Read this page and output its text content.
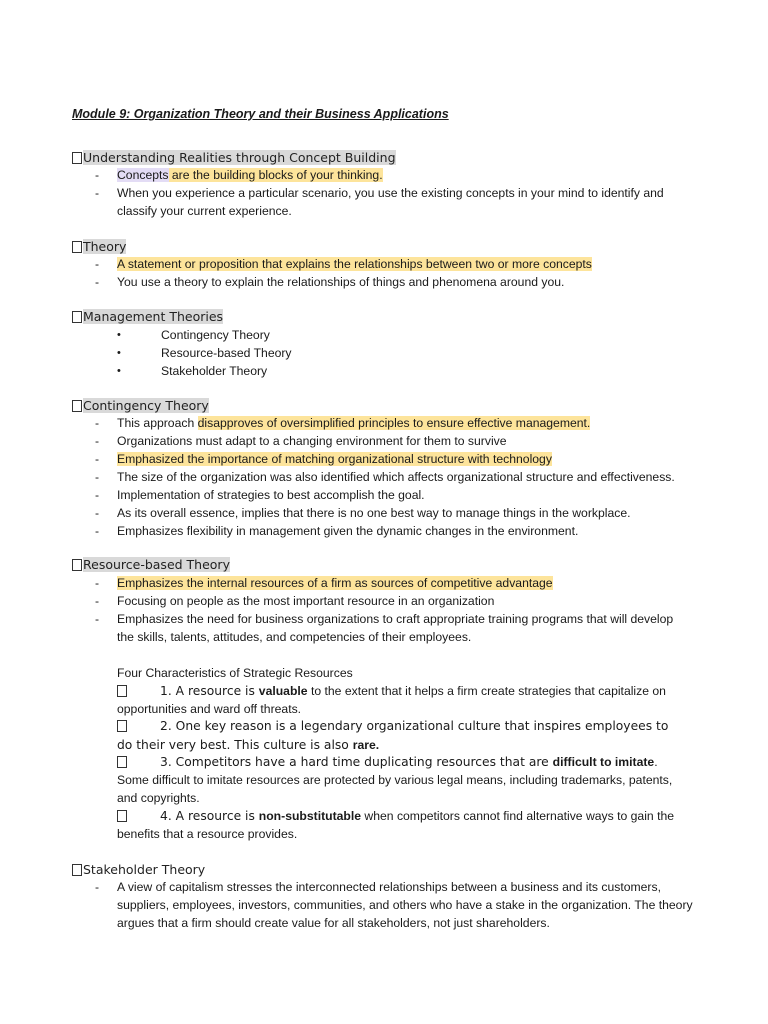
Module 9: Organization Theory and their Business Applications
Understanding Realities through Concept Building
- Concepts are the building blocks of your thinking.
- When you experience a particular scenario, you use the existing concepts in your mind to identify and
classify your current experience.
Theory
- A statement or proposition that explains the relationships between two or more concepts
- You use a theory to explain the relationships of things and phenomena around you.
Management Theories
•	Contingency Theory
•	Resource-based Theory
•	Stakeholder Theory
Contingency Theory
- This approach disapproves of oversimplified principles to ensure effective management.
- Organizations must adapt to a changing environment for them to survive
- Emphasized the importance of matching organizational structure with technology
- The size of the organization was also identified which affects organizational structure and effectiveness.
- Implementation of strategies to best accomplish the goal.
- As its overall essence, implies that there is no one best way to manage things in the workplace.
- Emphasizes flexibility in management given the dynamic changes in the environment.
Resource-based Theory
- Emphasizes the internal resources of a firm as sources of competitive advantage
- Focusing on people as the most important resource in an organization
- Emphasizes the need for business organizations to craft appropriate training programs that will develop
the skills, talents, attitudes, and competencies of their employees.
Four Characteristics of Strategic Resources
1. A resource is valuable to the extent that it helps a firm create strategies that capitalize on
opportunities and ward off threats.
2. One key reason is a legendary organizational culture that inspires employees to
do their very best. This culture is also rare.
3. Competitors have a hard time duplicating resources that are difficult to imitate.
Some difficult to imitate resources are protected by various legal means, including trademarks, patents,
and copyrights.
4. A resource is non-substitutable when competitors cannot find alternative ways to gain the
benefits that a resource provides.
Stakeholder Theory
- A view of capitalism stresses the interconnected relationships between a business and its customers,
suppliers, employees, investors, communities, and others who have a stake in the organization. The theory
argues that a firm should create value for all stakeholders, not just shareholders.
